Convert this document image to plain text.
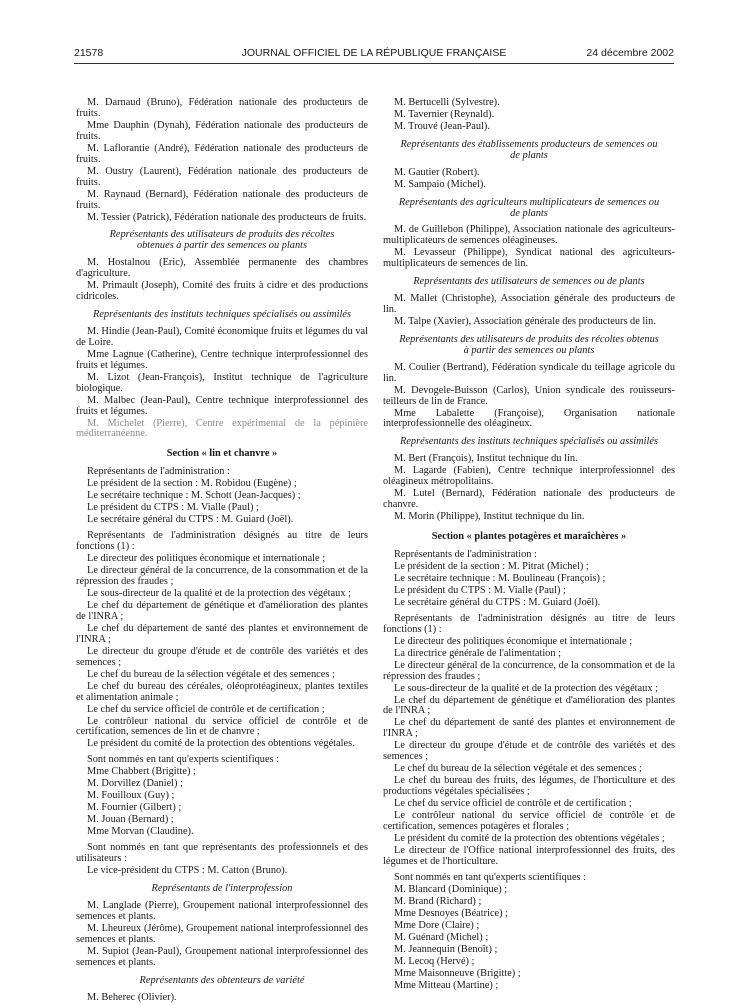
21578	JOURNAL OFFICIEL DE LA RÉPUBLIQUE FRANÇAISE	24 décembre 2002
M. Darnaud (Bruno), Fédération nationale des producteurs de fruits.
Mme Dauphin (Dynah), Fédération nationale des producteurs de fruits.
M. Laflorantie (André), Fédération nationale des producteurs de fruits.
M. Oustry (Laurent), Fédération nationale des producteurs de fruits.
M. Raynaud (Bernard), Fédération nationale des producteurs de fruits.
M. Tessier (Patrick), Fédération nationale des producteurs de fruits.
Représentants des utilisateurs de produits des récoltes obtenues à partir des semences ou plants
M. Hostalnou (Eric), Assemblée permanente des chambres d'agriculture.
M. Primault (Joseph), Comité des fruits à cidre et des productions cidricoles.
Représentants des instituts techniques spécialisés ou assimilés
M. Hindie (Jean-Paul), Comité économique fruits et légumes du val de Loire.
Mme Lagnue (Catherine), Centre technique interprofessionnel des fruits et légumes.
M. Lizot (Jean-François), Institut technique de l'agriculture biologique.
M. Malbec (Jean-Paul), Centre technique interprofessionnel des fruits et légumes.
M. Michelet (Pierre), Centre expérimental de la pépinière méditerranéenne.
Section « lin et chanvre »
Représentants de l'administration :
Le président de la section : M. Robidou (Eugène) ;
Le secrétaire technique : M. Schott (Jean-Jacques) ;
Le président du CTPS : M. Vialle (Paul) ;
Le secrétaire général du CTPS : M. Guiard (Joël).
Représentants de l'administration désignés au titre de leurs fonctions (1) :
Le directeur des politiques économique et internationale ;
Le directeur général de la concurrence, de la consommation et de la répression des fraudes ;
Le sous-directeur de la qualité et de la protection des végétaux ;
Le chef du département de génétique et d'amélioration des plantes de l'INRA ;
Le chef du département de santé des plantes et environnement de l'INRA ;
Le directeur du groupe d'étude et de contrôle des variétés et des semences ;
Le chef du bureau de la sélection végétale et des semences ;
Le chef du bureau des céréales, oléoprotéagineux, plantes textiles et alimentation animale ;
Le chef du service officiel de contrôle et de certification ;
Le contrôleur national du service officiel de contrôle et de certification, semences de lin et de chanvre ;
Le président du comité de la protection des obtentions végétales.
Sont nommés en tant qu'experts scientifiques :
Mme Chabbert (Brigitte) ;
M. Dorvillez (Daniel) ;
M. Fouilloux (Guy) ;
M. Fournier (Gilbert) ;
M. Jouan (Bernard) ;
Mme Morvan (Claudine).
Sont nommés en tant que représentants des professionnels et des utilisateurs :
Le vice-président du CTPS : M. Catton (Bruno).
Représentants de l'interprofession
M. Langlade (Pierre), Groupement national interprofessionnel des semences et plants.
M. Lheureux (Jérôme), Groupement national interprofessionnel des semences et plants.
M. Supiot (Jean-Paul), Groupement national interprofessionnel des semences et plants.
Représentants des obtenteurs de variété
M. Beherec (Olivier).
M. Bertucelli (Sylvestre).
M. Tavernier (Reynald).
M. Trouvé (Jean-Paul).
Représentants des établissements producteurs de semences ou de plants
M. Gautier (Robert).
M. Sampaio (Michel).
Représentants des agriculteurs multiplicateurs de semences ou de plants
M. de Guillebon (Philippe), Association nationale des agriculteurs-multiplicateurs de semences oléagineuses.
M. Levasseur (Philippe), Syndicat national des agriculteurs-multiplicateurs de semences de lin.
Représentants des utilisateurs de semences ou de plants
M. Mallet (Christophe), Association générale des producteurs de lin.
M. Talpe (Xavier), Association générale des producteurs de lin.
Représentants des utilisateurs de produits des récoltes obtenus à partir des semences ou plants
M. Coulier (Bertrand), Fédération syndicale du teillage agricole du lin.
M. Devogele-Buisson (Carlos), Union syndicale des rouisseurs-teilleurs de lin de France.
Mme Labalette (Françoise), Organisation nationale interprofessionnelle des oléagineux.
Représentants des instituts techniques spécialisés ou assimilés
M. Bert (François), Institut technique du lin.
M. Lagarde (Fabien), Centre technique interprofessionnel des oléagineux métropolitains.
M. Lutel (Bernard), Fédération nationale des producteurs de chanvre.
M. Morin (Philippe), Institut technique du lin.
Section « plantes potagères et maraîchères »
Représentants de l'administration :
Le président de la section : M. Pitrat (Michel) ;
Le secrétaire technique : M. Boulineau (François) ;
Le président du CTPS : M. Vialle (Paul) ;
Le secrétaire général du CTPS : M. Guiard (Joël).
Représentants de l'administration désignés au titre de leurs fonctions (1) :
Le directeur des politiques économique et internationale ;
La directrice générale de l'alimentation ;
Le directeur général de la concurrence, de la consommation et de la répression des fraudes ;
Le sous-directeur de la qualité et de la protection des végétaux ;
Le chef du département de génétique et d'amélioration des plantes de l'INRA ;
Le chef du département de santé des plantes et environnement de l'INRA ;
Le directeur du groupe d'étude et de contrôle des variétés et des semences ;
Le chef du bureau de la sélection végétale et des semences ;
Le chef du bureau des fruits, des légumes, de l'horticulture et des productions végétales spécialisées ;
Le chef du service officiel de contrôle et de certification ;
Le contrôleur national du service officiel de contrôle et de certification, semences potagères et florales ;
Le président du comité de la protection des obtentions végétales ;
Le directeur de l'Office national interprofessionnel des fruits, des légumes et de l'horticulture.
Sont nommés en tant qu'experts scientifiques :
M. Blancard (Dominique) ;
M. Brand (Richard) ;
Mme Desnoyes (Béatrice) ;
Mme Dore (Claire) ;
M. Guénard (Michel) ;
M. Jeannequin (Benoît) ;
M. Lecoq (Hervé) ;
Mme Maisonneuve (Brigitte) ;
Mme Mitteau (Martine) ;
